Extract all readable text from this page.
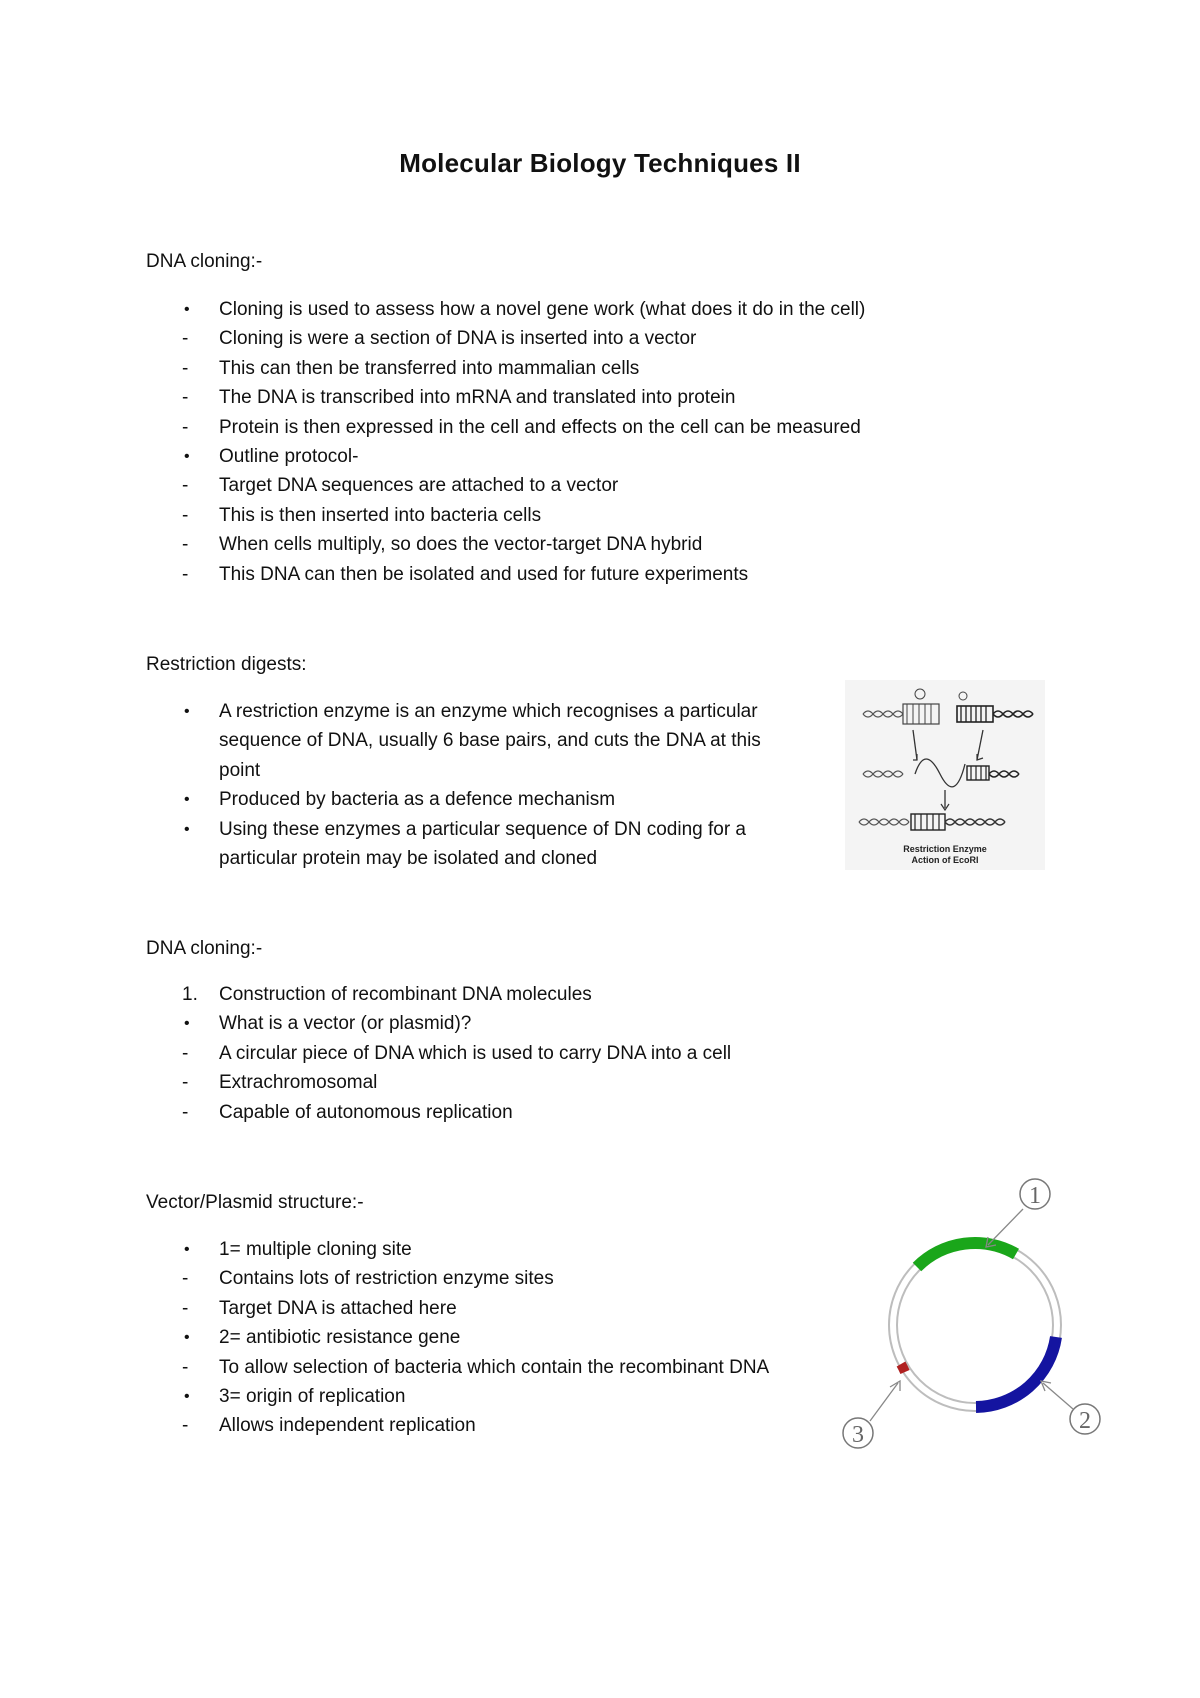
Molecular Biology Techniques II
DNA cloning:-
•	Cloning is used to assess how a novel gene work (what does it do in the cell)
-	Cloning is were a section of DNA is inserted into a vector
-	This can then be transferred into mammalian cells
-	The DNA is transcribed into mRNA and translated into protein
-	Protein is then expressed in the cell and effects on the cell can be measured
•	Outline protocol-
-	Target DNA sequences are attached to a vector
-	This is then inserted into bacteria cells
-	When cells multiply, so does the vector-target DNA hybrid
-	This DNA can then be isolated and used for future experiments
Restriction digests:
•	A restriction enzyme is an enzyme which recognises a particular sequence of DNA, usually 6 base pairs, and cuts the DNA at this point
•	Produced by bacteria as a defence mechanism
•	Using these enzymes a particular sequence of DN coding for a particular protein may be isolated and cloned	Restriction Enzyme
Action of EcoRI
DNA cloning:-
1.	Construction of recombinant DNA molecules
•	What is a vector (or plasmid)?
-	A circular piece of DNA which is used to carry DNA into a cell
-	Extrachromosomal
-	Capable of autonomous replication
Vector/Plasmid structure:-
•	1= multiple cloning site
-	Contains lots of restriction enzyme sites
-	Target DNA is attached here
•	2= antibiotic resistance gene
-	To allow selection of bacteria which contain the recombinant DNA
•	3= origin of replication
-	Allows independent replication
1
2
3
